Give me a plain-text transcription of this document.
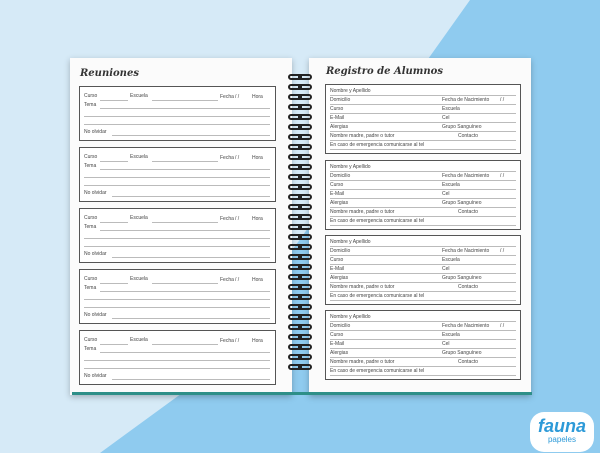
Reuniones	Registro de Alumnos
Curso	Escuela	Fecha / /	Hora
Tema
No olvidar
Curso	Escuela	Fecha / /	Hora
Tema
No olvidar
Curso	Escuela	Fecha / /	Hora
Tema
No olvidar
Curso	Escuela	Fecha / /	Hora
Tema
No olvidar
Curso	Escuela	Fecha / /	Hora
Tema
No olvidar
Nombre y Apellido
Domicilio	Fecha de Nacimiento / /
Curso	Escuela
E-Mail	Cel
Alergias	Grupo Sanguíneo
Nombre madre, padre o tutor	Contacto
En caso de emergencia comunicarse al tel
Nombre y Apellido
Domicilio	Fecha de Nacimiento / /
Curso	Escuela
E-Mail	Cel
Alergias	Grupo Sanguíneo
Nombre madre, padre o tutor	Contacto
En caso de emergencia comunicarse al tel
Nombre y Apellido
Domicilio	Fecha de Nacimiento / /
Curso	Escuela
E-Mail	Cel
Alergias	Grupo Sanguíneo
Nombre madre, padre o tutor	Contacto
En caso de emergencia comunicarse al tel
Nombre y Apellido
Domicilio	Fecha de Nacimiento / /
Curso	Escuela
E-Mail	Cel
Alergias	Grupo Sanguíneo
Nombre madre, padre o tutor	Contacto
En caso de emergencia comunicarse al tel
fauna
papeles
